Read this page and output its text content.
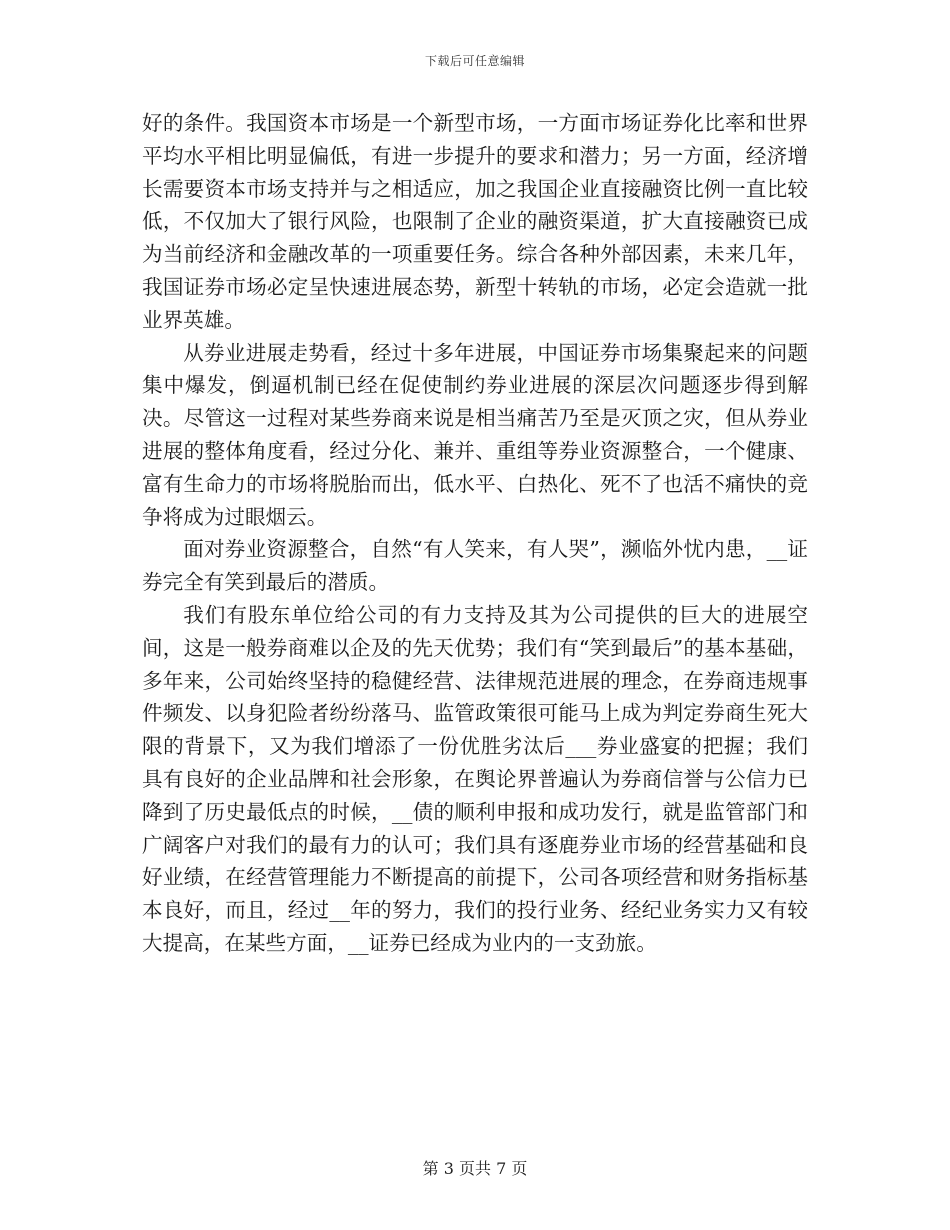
下载后可任意编辑

好的条件。我国资本市场是一个新型市场，一方面市场证券化比率和世界平均水平相比明显偏低，有进一步提升的要求和潜力；另一方面，经济增长需要资本市场支持并与之相适应，加之我国企业直接融资比例一直比较低，不仅加大了银行风险，也限制了企业的融资渠道，扩大直接融资已成为当前经济和金融改革的一项重要任务。综合各种外部因素，未来几年，我国证券市场必定呈快速进展态势，新型十转轨的市场，必定会造就一批业界英雄。

从券业进展走势看，经过十多年进展，中国证券市场集聚起来的问题集中爆发，倒逼机制已经在促使制约券业进展的深层次问题逐步得到解决。尽管这一过程对某些券商来说是相当痛苦乃至是灭顶之灾，但从券业进展的整体角度看，经过分化、兼并、重组等券业资源整合，一个健康、富有生命力的市场将脱胎而出，低水平、白热化、死不了也活不痛快的竞争将成为过眼烟云。

面对券业资源整合，自然“有人笑来，有人哭”，濒临外忧内患，__证券完全有笑到最后的潜质。

我们有股东单位给公司的有力支持及其为公司提供的巨大的进展空间，这是一般券商难以企及的先天优势；我们有“笑到最后”的基本基础，多年来，公司始终坚持的稳健经营、法律规范进展的理念，在券商违规事件频发、以身犯险者纷纷落马、监管政策很可能马上成为判定券商生死大限的背景下，又为我们增添了一份优胜劣汰后___券业盛宴的把握；我们具有良好的企业品牌和社会形象，在舆论界普遍认为券商信誉与公信力已降到了历史最低点的时候，__债的顺利申报和成功发行，就是监管部门和广阔客户对我们的最有力的认可；我们具有逐鹿券业市场的经营基础和良好业绩，在经营管理能力不断提高的前提下，公司各项经营和财务指标基本良好，而且，经过__年的努力，我们的投行业务、经纪业务实力又有较大提高，在某些方面，__证券已经成为业内的一支劲旅。

第 3 页共 7 页
